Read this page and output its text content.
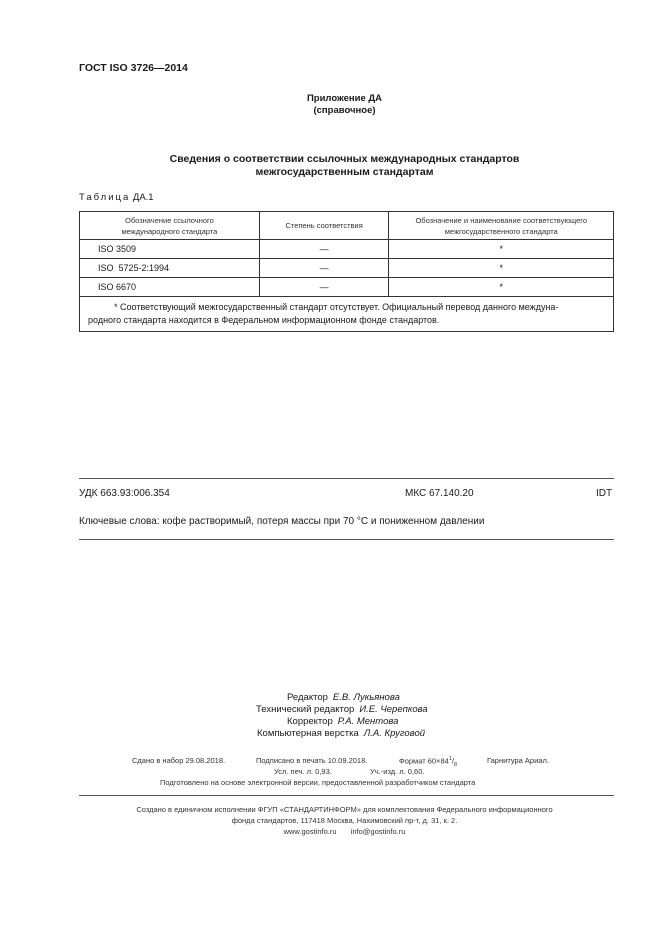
ГОСТ ISO 3726—2014
Приложение ДА
(справочное)
Сведения о соответствии ссылочных международных стандартов
межгосударственным стандартам
Таблица ДА.1
Обозначение ссылочного международного стандарта	Степень соответствия	Обозначение и наименование соответствующего межгосударственного стандарта
ISO 3509	—	*
ISO  5725-2:1994	—	*
ISO 6670	—	*
* Соответствующий межгосударственный стандарт отсутствует. Официальный перевод данного междуна-
родного стандарта находится в Федеральном информационном фонде стандартов.		
УДК 663.93:006.354	МКС 67.140.20	IDT
Ключевые слова: кофе растворимый, потеря массы при 70 °С и пониженном давлении
Редактор Е.В. Лукьянова
Технический редактор И.Е. Черепкова
Корректор Р.А. Ментова
Компьютерная верстка Л.А. Круговой
Сдано в набор 29.08.2018.	Подписано в печать 10.09.2018.	Формат $60\times 84^1/_8$	Гарнитура Ариал.
Усл. печ. л. 0,93.	Уч.-изд. л. 0,60.
Подготовлено на основе электронной версии, предоставленной разработчиком стандарта
Создано в единичном исполнении ФГУП «СТАНДАРТИНФОРМ» для комплектования Федерального информационного
фонда стандартов, 117418 Москва, Нахимовский пр-т, д. 31, к. 2.
www.gostinfo.ru info@gostinfo.ru
